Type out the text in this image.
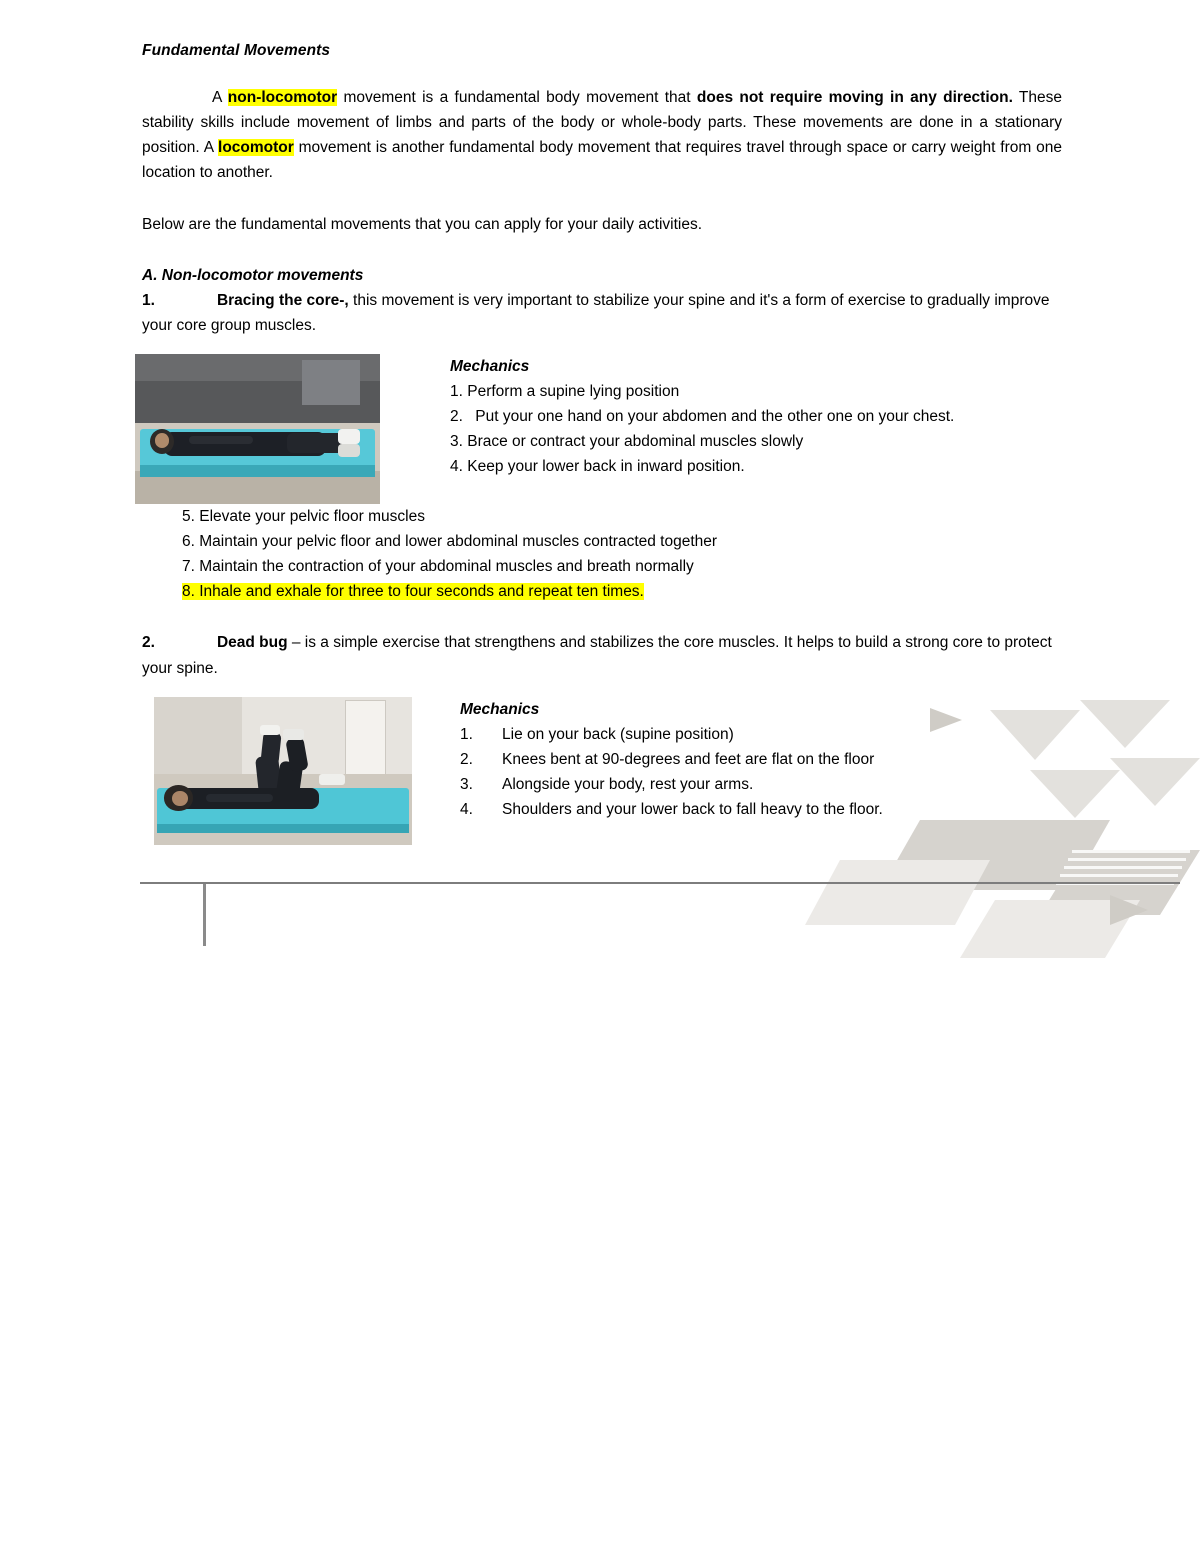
Fundamental Movements

A non-locomotor movement is a fundamental body movement that does not require moving in any direction. These stability skills include movement of limbs and parts of the body or whole-body parts. These movements are done in a stationary position. A locomotor movement is another fundamental body movement that requires travel through space or carry weight from one location to another.

Below are the fundamental movements that you can apply for your daily activities.

A. Non-locomotor movements

1.	Bracing the core-, this movement is very important to stabilize your spine and it's a form of exercise to gradually improve your core group muscles.

Mechanics
1. Perform a supine lying position
2. Put your one hand on your abdomen and the other one on your chest.
3. Brace or contract your abdominal muscles slowly
4. Keep your lower back in inward position.
5. Elevate your pelvic floor muscles
6. Maintain your pelvic floor and lower abdominal muscles contracted together
7. Maintain the contraction of your abdominal muscles and breath normally
8. Inhale and exhale for three to four seconds and repeat ten times.

2.	Dead bug – is a simple exercise that strengthens and stabilizes the core muscles. It helps to build a strong core to protect your spine.

Mechanics
1. Lie on your back (supine position)
2. Knees bent at 90-degrees and feet are flat on the floor
3. Alongside your body, rest your arms.
4. Shoulders and your lower back to fall heavy to the floor.
